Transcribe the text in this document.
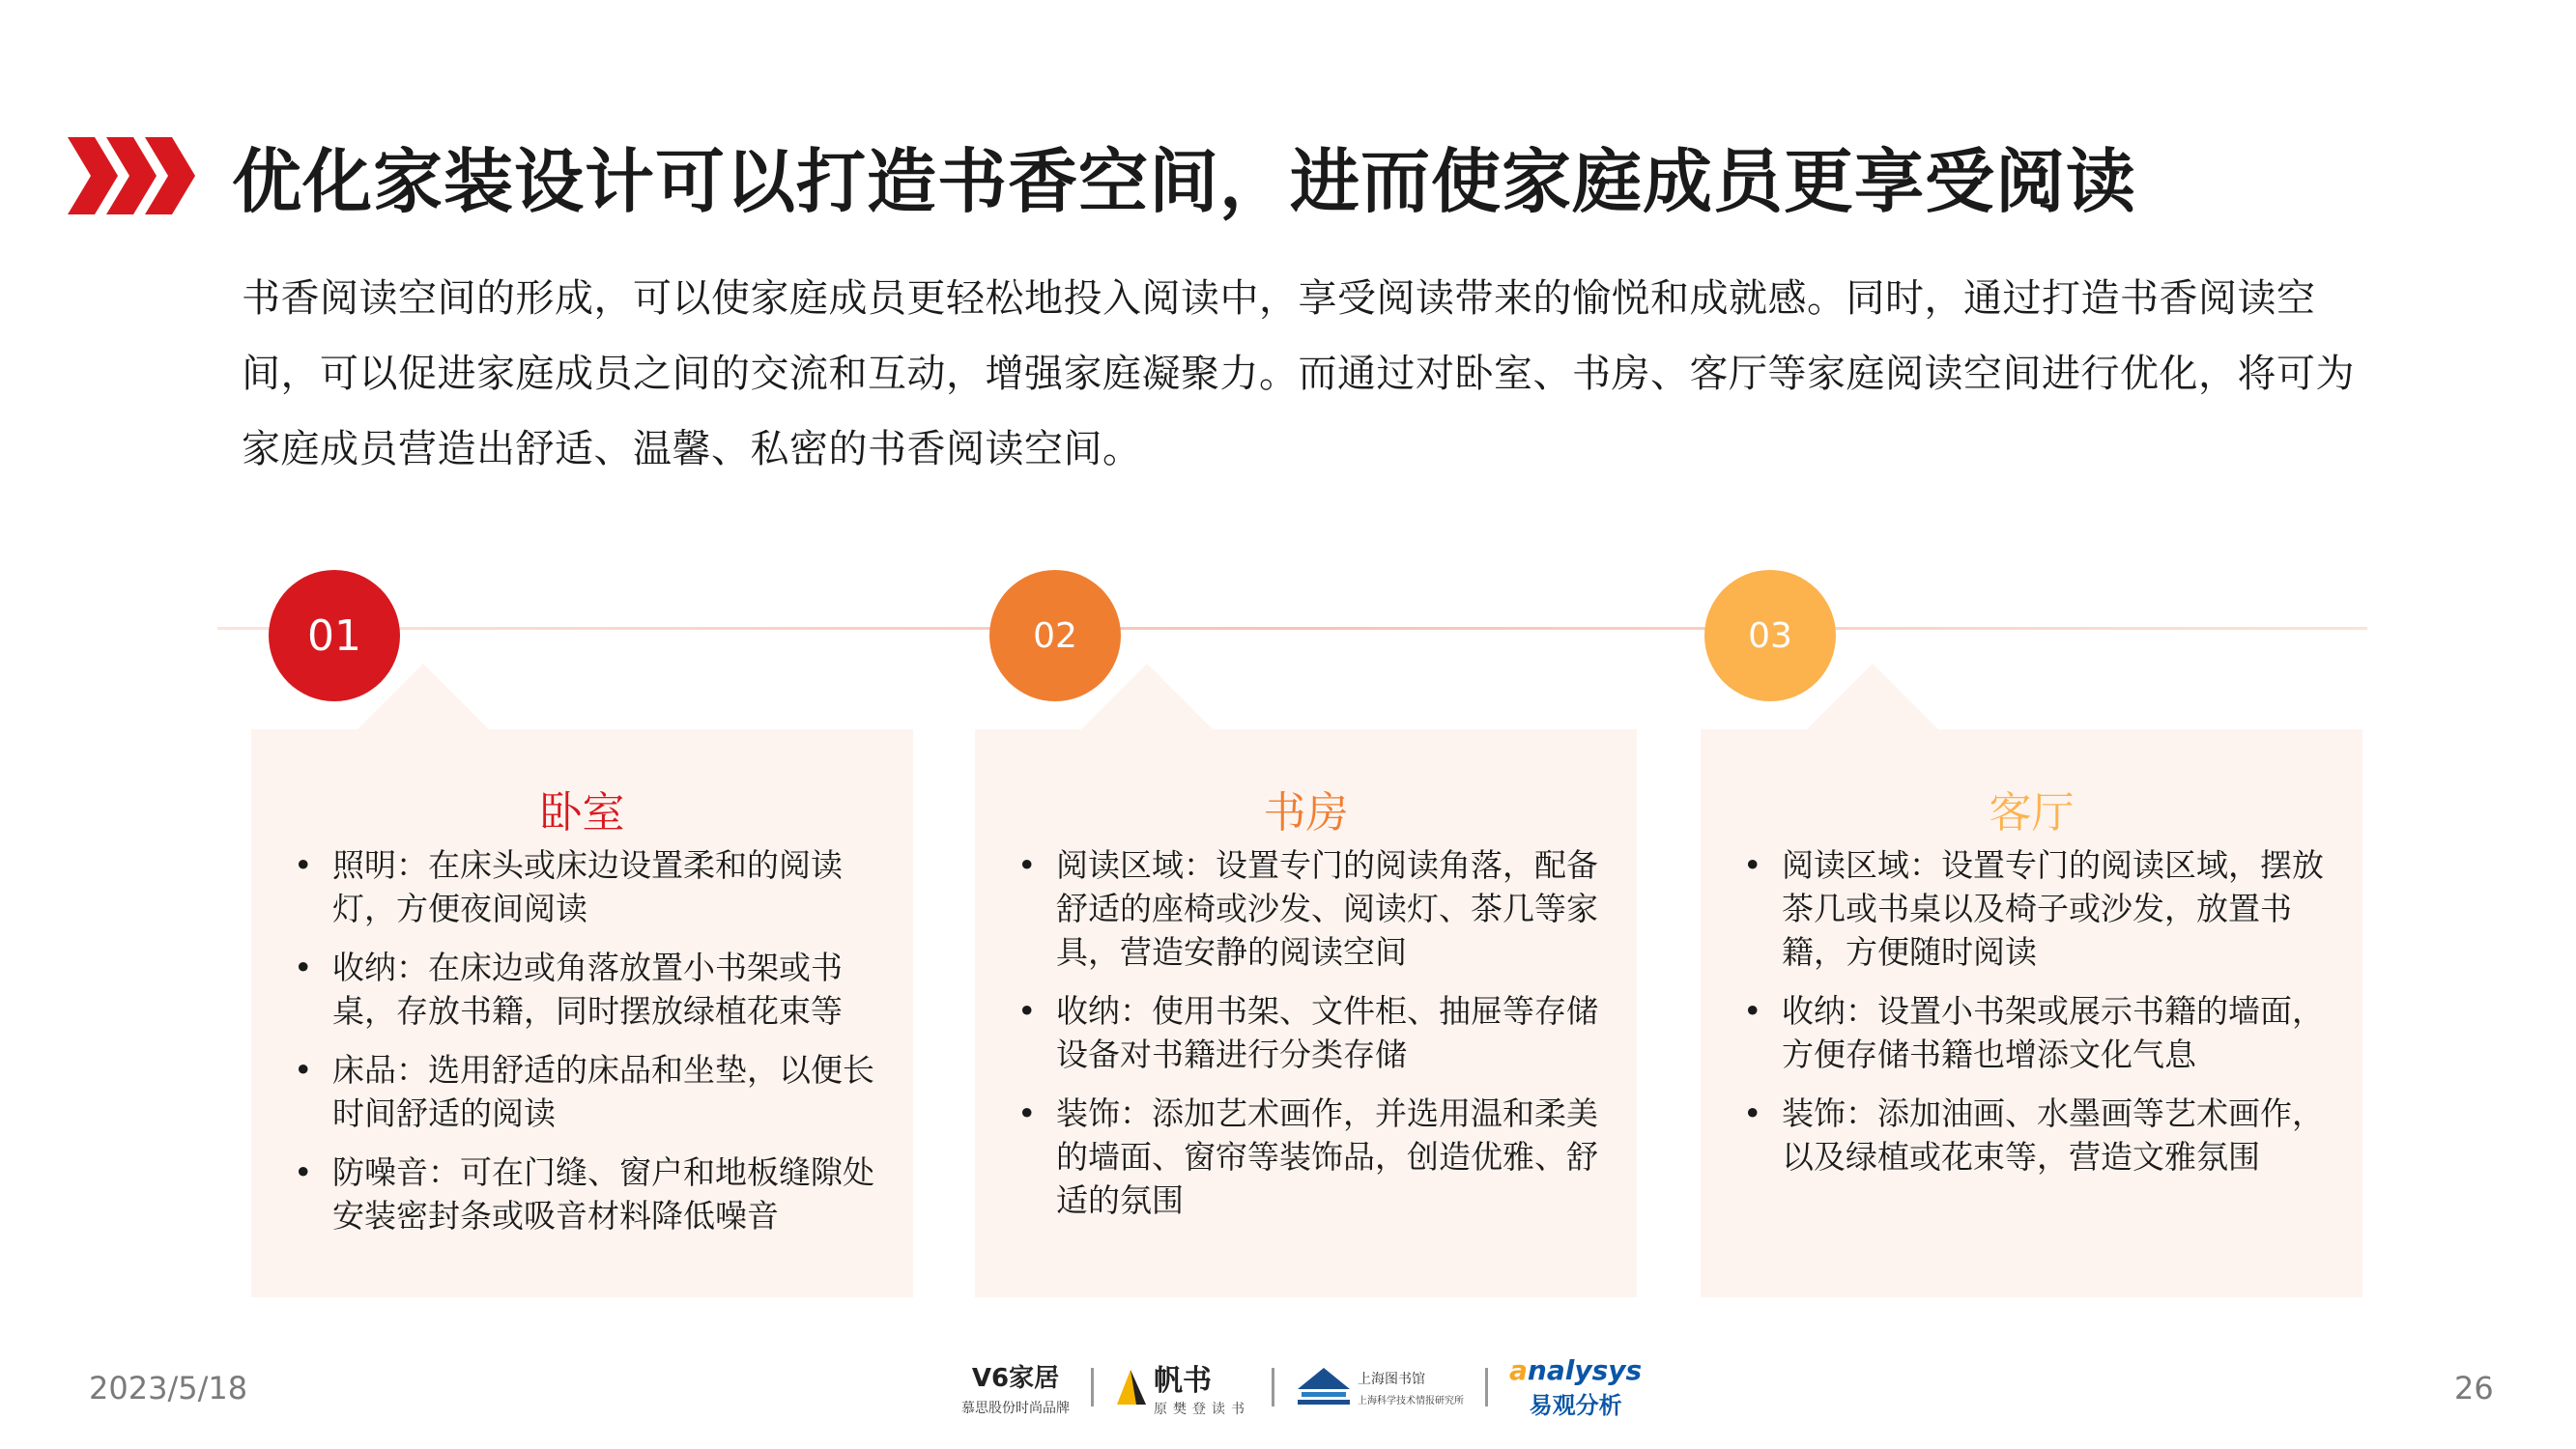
优化家装设计可以打造书香空间，进而使家庭成员更享受阅读
书香阅读空间的形成，可以使家庭成员更轻松地投入阅读中，享受阅读带来的愉悦和成就感。同时，通过打造书香阅读空间，可以促进家庭成员之间的交流和互动，增强家庭凝聚力。而通过对卧室、书房、客厅等家庭阅读空间进行优化，将可为家庭成员营造出舒适、温馨、私密的书香阅读空间。
01	02	03
卧室
• 照明：在床头或床边设置柔和的阅读灯，方便夜间阅读
• 收纳：在床边或角落放置小书架或书桌，存放书籍，同时摆放绿植花束等
• 床品：选用舒适的床品和坐垫，以便长时间舒适的阅读
• 防噪音：可在门缝、窗户和地板缝隙处安装密封条或吸音材料降低噪音
书房
• 阅读区域：设置专门的阅读角落，配备舒适的座椅或沙发、阅读灯、茶几等家具，营造安静的阅读空间
• 收纳：使用书架、文件柜、抽屉等存储设备对书籍进行分类存储
• 装饰：添加艺术画作，并选用温和柔美的墙面、窗帘等装饰品，创造优雅、舒适的氛围
客厅
• 阅读区域：设置专门的阅读区域，摆放茶几或书桌以及椅子或沙发，放置书籍，方便随时阅读
• 收纳：设置小书架或展示书籍的墙面，方便存储书籍也增添文化气息
• 装饰：添加油画、水墨画等艺术画作，以及绿植或花束等，营造文雅氛围
2023/5/18	V6家居
慕思股份时尚品牌
帆书
原樊登读书
上海图书馆
上海科学技术情报研究所
analysys
易观分析	26
